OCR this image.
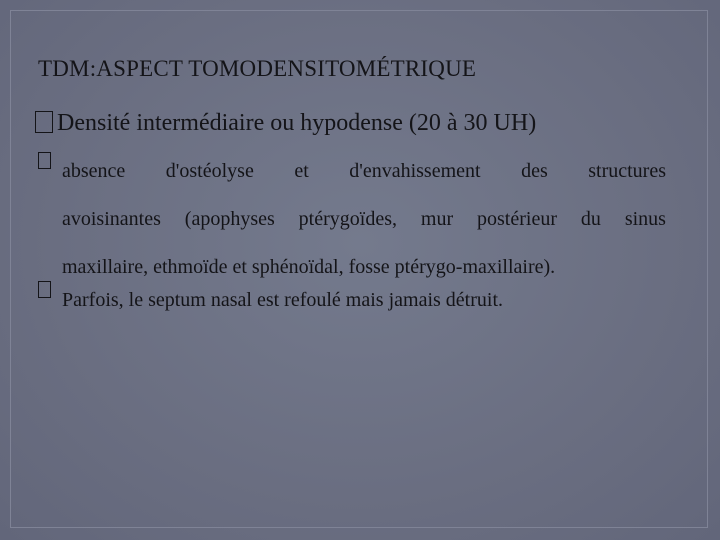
TDM:ASPECT TOMODENSITOMÉTRIQUE
Densité intermédiaire ou hypodense (20 à 30 UH)
absence d'ostéolyse et d'envahissement des structures
avoisinantes (apophyses ptérygoïdes, mur postérieur du sinus
maxillaire, ethmoïde et sphénoïdal, fosse ptérygo-maxillaire).
Parfois, le septum nasal est refoulé mais jamais détruit.
